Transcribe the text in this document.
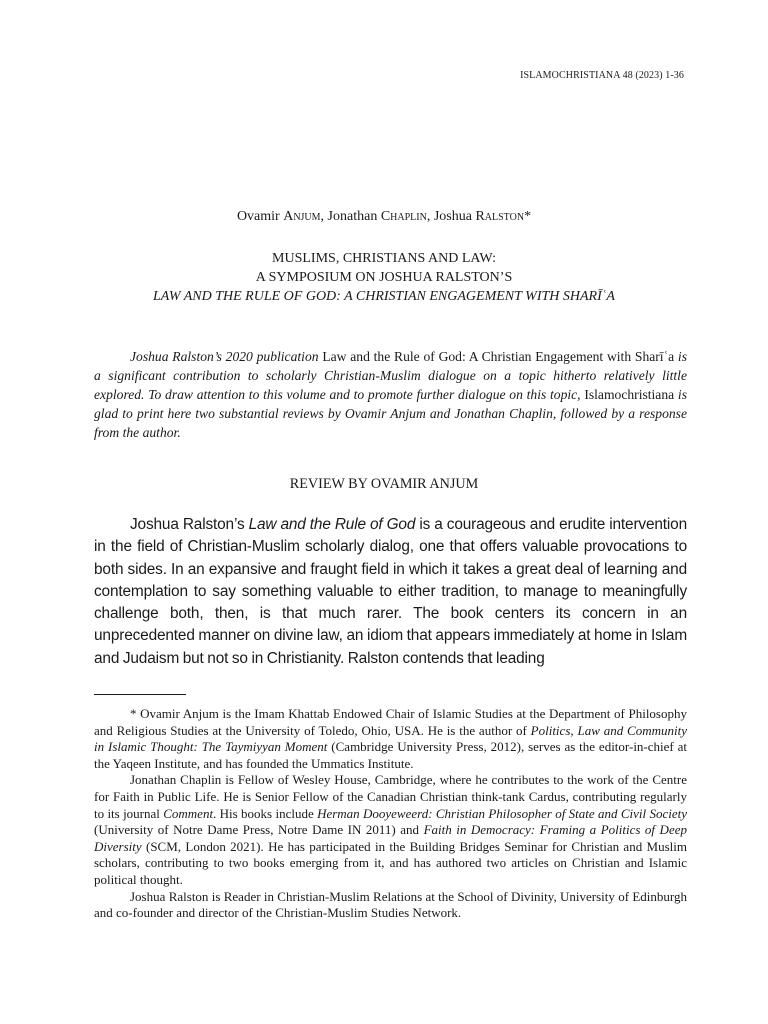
ISLAMOCHRISTIANA 48 (2023) 1-36
Ovamir Anjum, Jonathan Chaplin, Joshua Ralston*
MUSLIMS, CHRISTIANS AND LAW:
A SYMPOSIUM ON JOSHUA RALSTON’S
LAW AND THE RULE OF GOD: A CHRISTIAN ENGAGEMENT WITH SHARĪʿA
Joshua Ralston’s 2020 publication Law and the Rule of God: A Christian Engagement with Sharīʿa is a significant contribution to scholarly Christian-Muslim dialogue on a topic hitherto relatively little explored. To draw attention to this volume and to promote further dialogue on this topic, Islamochristiana is glad to print here two substantial reviews by Ovamir Anjum and Jonathan Chaplin, followed by a response from the author.
REVIEW BY OVAMIR ANJUM
Joshua Ralston’s Law and the Rule of God is a courageous and erudite intervention in the field of Christian-Muslim scholarly dialog, one that offers valuable provocations to both sides. In an expansive and fraught field in which it takes a great deal of learning and contemplation to say something valuable to either tradition, to manage to meaningfully challenge both, then, is that much rarer. The book centers its concern in an unprecedented manner on divine law, an idiom that appears immediately at home in Islam and Judaism but not so in Christianity. Ralston contends that leading

* Ovamir Anjum is the Imam Khattab Endowed Chair of Islamic Studies at the Department of Philosophy and Religious Studies at the University of Toledo, Ohio, USA. He is the author of Politics, Law and Community in Islamic Thought: The Taymiyyan Moment (Cambridge University Press, 2012), serves as the editor-in-chief at the Yaqeen Institute, and has founded the Ummatics Institute.

Jonathan Chaplin is Fellow of Wesley House, Cambridge, where he contributes to the work of the Centre for Faith in Public Life. He is Senior Fellow of the Canadian Christian think-tank Cardus, contributing regularly to its journal Comment. His books include Herman Dooyeweerd: Christian Philosopher of State and Civil Society (University of Notre Dame Press, Notre Dame IN 2011) and Faith in Democracy: Framing a Politics of Deep Diversity (SCM, London 2021). He has participated in the Building Bridges Seminar for Christian and Muslim scholars, contributing to two books emerging from it, and has authored two articles on Christian and Islamic political thought.

Joshua Ralston is Reader in Christian-Muslim Relations at the School of Divinity, University of Edinburgh and co-founder and director of the Christian-Muslim Studies Network.
